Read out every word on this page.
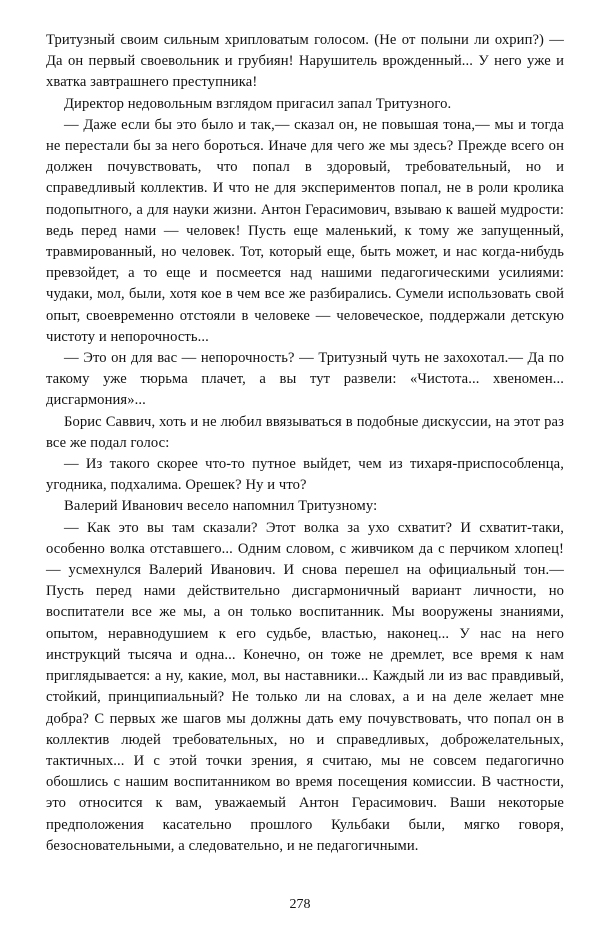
Тритузный своим сильным хрипловатым голосом. (Не от полыни ли охрип?) — Да он первый своевольник и грубиян! Нарушитель врожденный... У него уже и хватка завтрашнего преступника!

Директор недовольным взглядом пригасил запал Тритузного.

— Даже если бы это было и так,— сказал он, не повышая тона,— мы и тогда не перестали бы за него бороться. Иначе для чего же мы здесь? Прежде всего он должен почувствовать, что попал в здоровый, требовательный, но и справедливый коллектив. И что не для экспериментов попал, не в роли кролика подопытного, а для науки жизни. Антон Герасимович, взываю к вашей мудрости: ведь перед нами — человек! Пусть еще маленький, к тому же запущенный, травмированный, но человек. Тот, который еще, быть может, и нас когда-нибудь превзойдет, а то еще и посмеется над нашими педагогическими усилиями: чудаки, мол, были, хотя кое в чем все же разбирались. Сумели использовать свой опыт, своевременно отстояли в человеке — человеческое, поддержали детскую чистоту и непорочность...

— Это он для вас — непорочность? — Тритузный чуть не захохотал.— Да по такому уже тюрьма плачет, а вы тут развели: «Чистота... хвеномен... дисгармония»...

Борис Саввич, хоть и не любил ввязываться в подобные дискуссии, на этот раз все же подал голос:

— Из такого скорее что-то путное выйдет, чем из тихаря-приспособленца, угодника, подхалима. Орешек? Ну и что?

Валерий Иванович весело напомнил Тритузному:

— Как это вы там сказали? Этот волка за ухо схватит? И схватит-таки, особенно волка отставшего... Одним словом, с живчиком да с перчиком хлопец! — усмехнулся Валерий Иванович. И снова перешел на официальный тон.— Пусть перед нами действительно дисгармоничный вариант личности, но воспитатели все же мы, а он только воспитанник. Мы вооружены знаниями, опытом, неравнодушием к его судьбе, властью, наконец... У нас на него инструкций тысяча и одна... Конечно, он тоже не дремлет, все время к нам приглядывается: а ну, какие, мол, вы наставники... Каждый ли из вас правдивый, стойкий, принципиальный? Не только ли на словах, а и на деле желает мне добра? С первых же шагов мы должны дать ему почувствовать, что попал он в коллектив людей требовательных, но и справедливых, доброжелательных, тактичных... И с этой точки зрения, я считаю, мы не совсем педагогично обошлись с нашим воспитанником во время посещения комиссии. В частности, это относится к вам, уважаемый Антон Герасимович. Ваши некоторые предположения касательно прошлого Кульбаки были, мягко говоря, безосновательными, а следовательно, и не педагогичными.

278
